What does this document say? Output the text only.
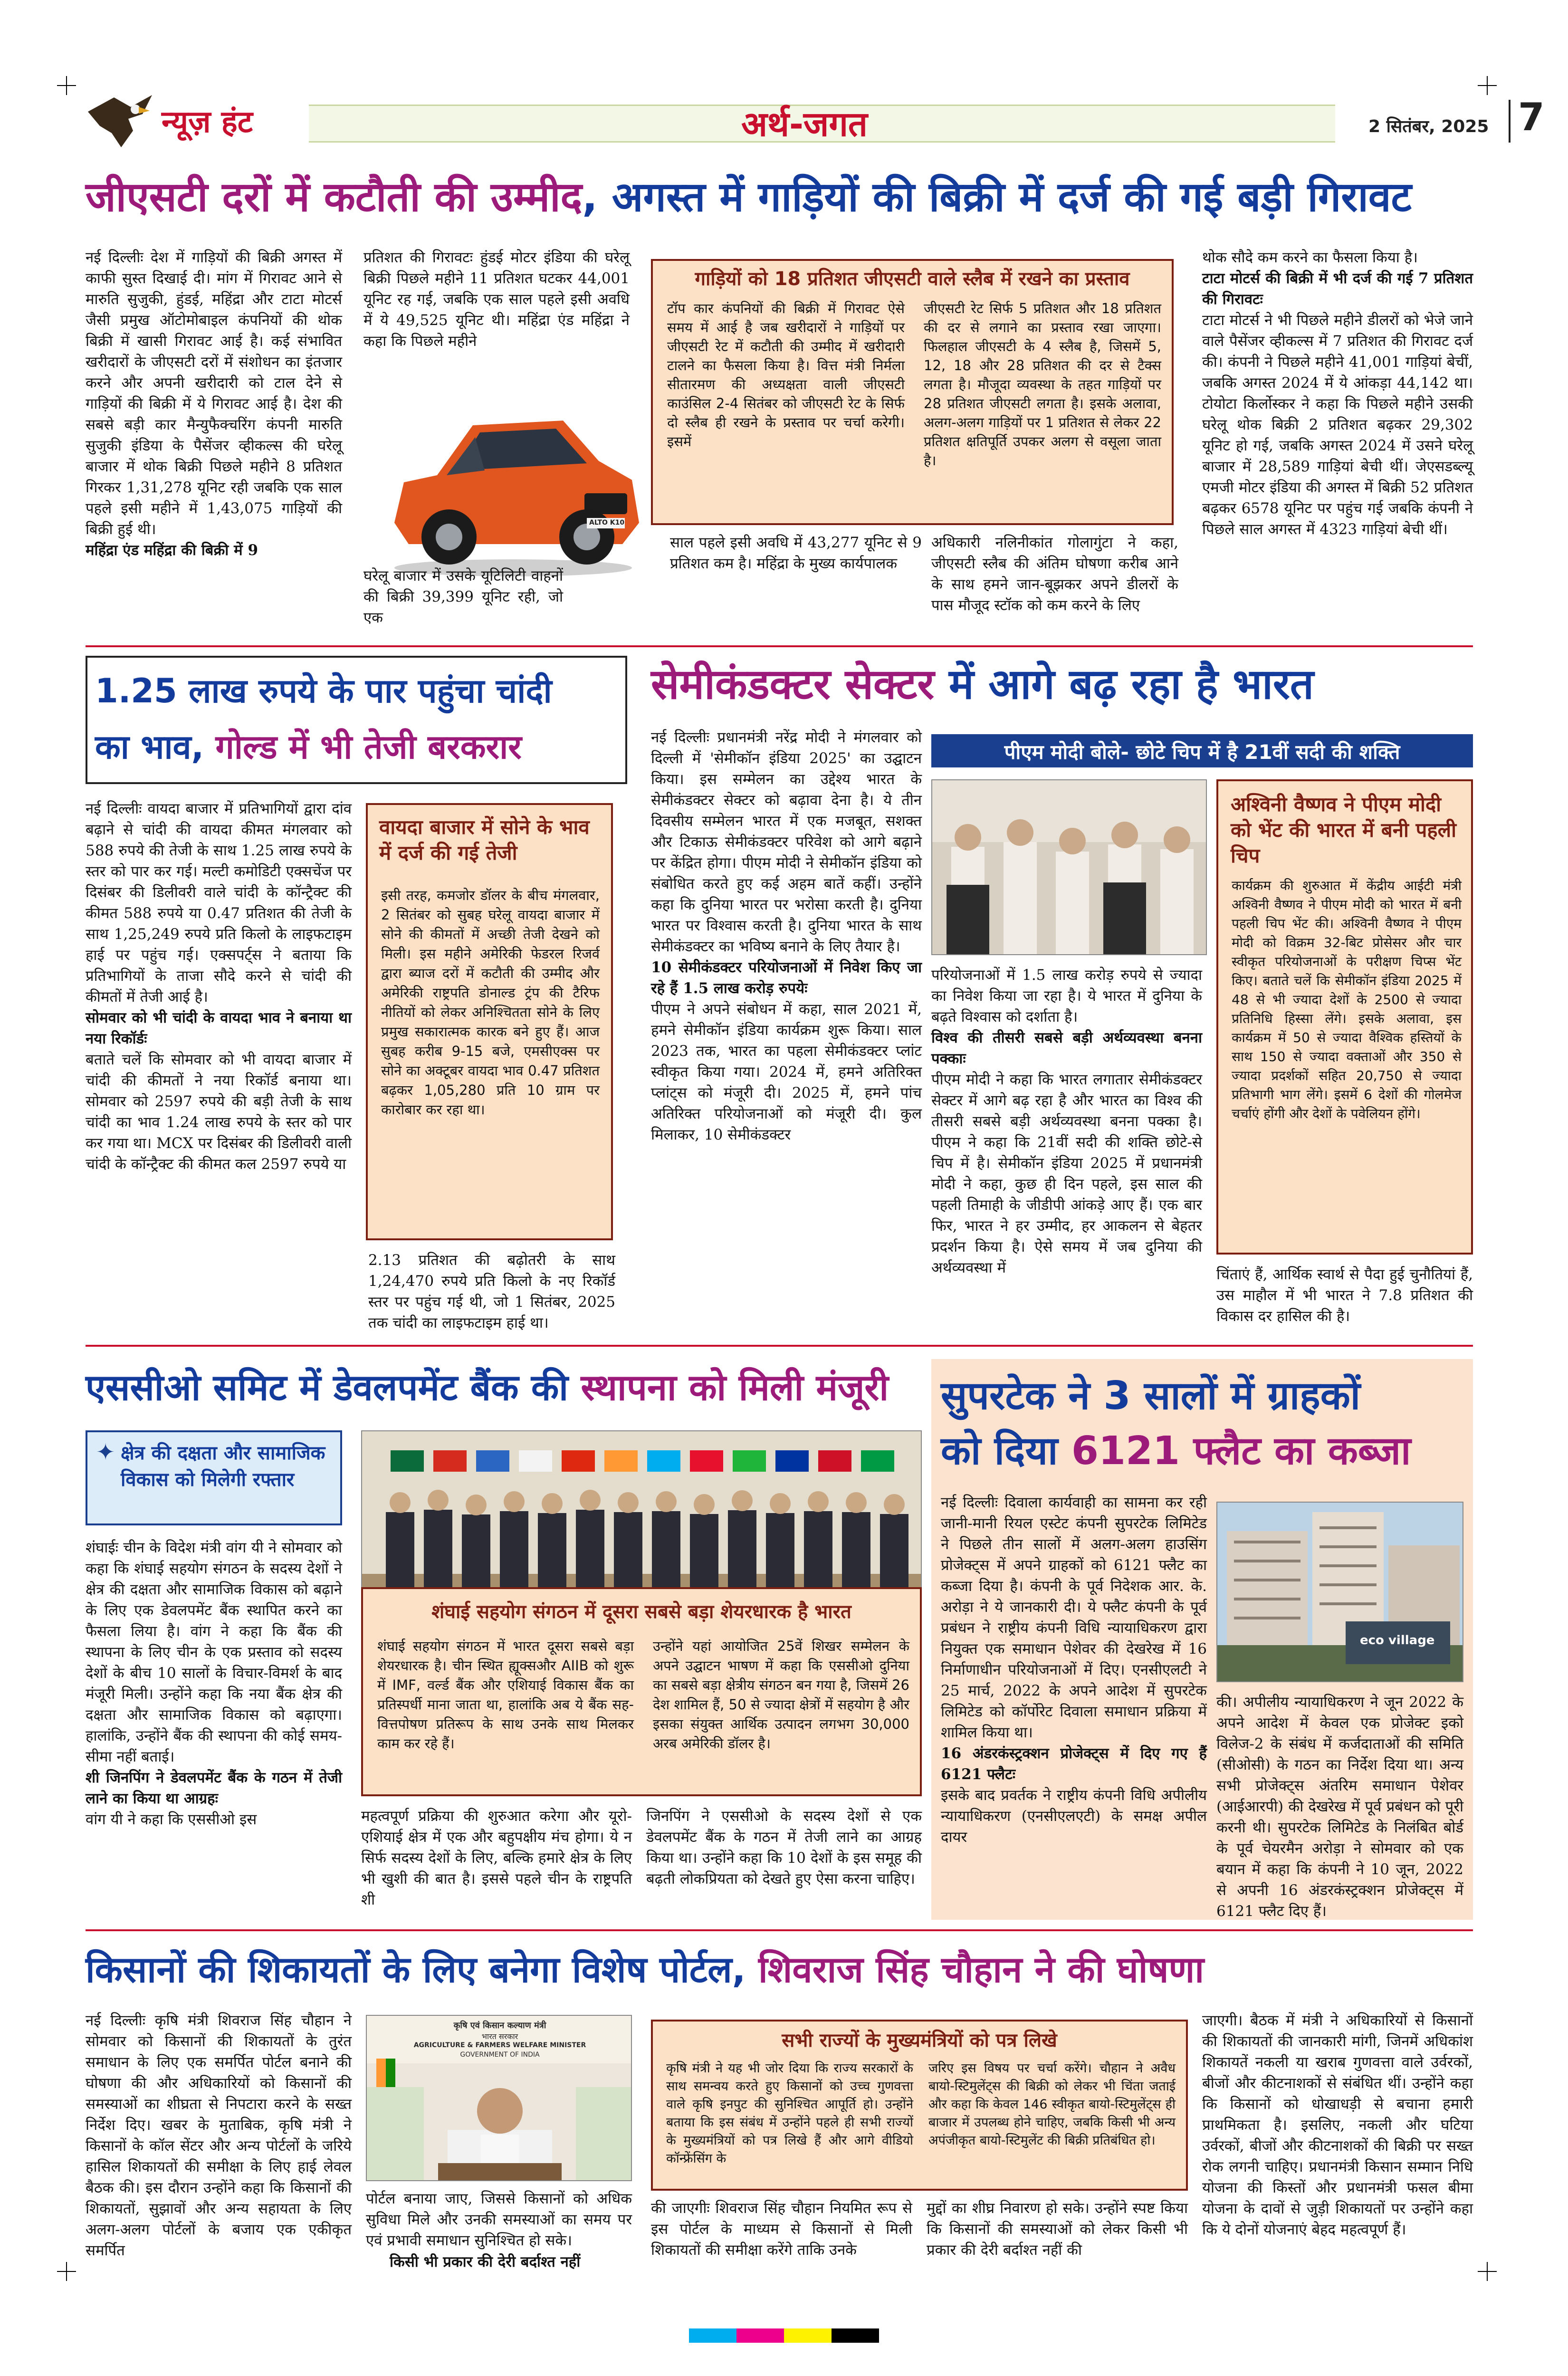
न्यूज़ हंट	अर्थ-जगत	2 सितंबर, 2025 7
जीएसटी दरों में कटौती की उम्मीद, अगस्त में गाड़ियों की बिक्री में दर्ज की गई बड़ी गिरावट

नई दिल्लीः देश में गाड़ियों की बिक्री अगस्त में काफी सुस्त दिखाई दी। मांग में गिरावट आने से मारुति सुजुकी, हुंडई, महिंद्रा और टाटा मोटर्स जैसी प्रमुख ऑटोमोबाइल कंपनियों की थोक बिक्री में खासी गिरावट आई है। कई संभावित खरीदारों के जीएसटी दरों में संशोधन का इंतजार करने और अपनी खरीदारी को टाल देने से गाड़ियों की बिक्री में ये गिरावट आई है। देश की सबसे बड़ी कार मैन्युफैक्चरिंग कंपनी मारुति सुजुकी इंडिया के पैसेंजर व्हीकल्स की घरेलू बाजार में थोक बिक्री पिछले महीने 8 प्रतिशत गिरकर 1,31,278 यूनिट रही जबकि एक साल पहले इसी महीने में 1,43,075 गाड़ियों की बिक्री हुई थी।

महिंद्रा एंड महिंद्रा की बिक्री में 9

प्रतिशत की गिरावटः हुंडई मोटर इंडिया की घरेलू बिक्री पिछले महीने 11 प्रतिशत घटकर 44,001 यूनिट रह गई, जबकि एक साल पहले इसी अवधि में ये 49,525 यूनिट थी। महिंद्रा एंड महिंद्रा ने कहा कि पिछले महीने

ALTO K10

घरेलू बाजार में उसके यूटिलिटी वाहनों की बिक्री 39,399 यूनिट रही, जो एक

गाड़ियों को 18 प्रतिशत जीएसटी वाले स्लैब में रखने का प्रस्ताव
टॉप कार कंपनियों की बिक्री में गिरावट ऐसे समय में आई है जब खरीदारों ने गाड़ियों पर जीएसटी रेट में कटौती की उम्मीद में खरीदारी टालने का फैसला किया है। वित्त मंत्री निर्मला सीतारमण की अध्यक्षता वाली जीएसटी काउंसिल 2-4 सितंबर को जीएसटी रेट के सिर्फ दो स्लैब ही रखने के प्रस्ताव पर चर्चा करेगी। इसमें
जीएसटी रेट सिर्फ 5 प्रतिशत और 18 प्रतिशत की दर से लगाने का प्रस्ताव रखा जाएगा। फिलहाल जीएसटी के 4 स्लैब है, जिसमें 5, 12, 18 और 28 प्रतिशत की दर से टैक्स लगता है। मौजूदा व्यवस्था के तहत गाड़ियों पर 28 प्रतिशत जीएसटी लगता है। इसके अलावा, अलग-अलग गाड़ियों पर 1 प्रतिशत से लेकर 22 प्रतिशत क्षतिपूर्ति उपकर अलग से वसूला जाता है।

साल पहले इसी अवधि में 43,277 यूनिट से 9 प्रतिशत कम है। महिंद्रा के मुख्य कार्यपालक

अधिकारी नलिनीकांत गोलागुंटा ने कहा, जीएसटी स्लैब की अंतिम घोषणा करीब आने के साथ हमने जान-बूझकर अपने डीलरों के पास मौजूद स्टॉक को कम करने के लिए

थोक सौदे कम करने का फैसला किया है।

टाटा मोटर्स की बिक्री में भी दर्ज की गई 7 प्रतिशत की गिरावटः

टाटा मोटर्स ने भी पिछले महीने डीलरों को भेजे जाने वाले पैसेंजर व्हीकल्स में 7 प्रतिशत की गिरावट दर्ज की। कंपनी ने पिछले महीने 41,001 गाड़ियां बेचीं, जबकि अगस्त 2024 में ये आंकड़ा 44,142 था। टोयोटा किर्लोस्कर ने कहा कि पिछले महीने उसकी घरेलू थोक बिक्री 2 प्रतिशत बढ़कर 29,302 यूनिट हो गई, जबकि अगस्त 2024 में उसने घरेलू बाजार में 28,589 गाड़ियां बेची थीं। जेएसडब्ल्यू एमजी मोटर इंडिया की अगस्त में बिक्री 52 प्रतिशत बढ़कर 6578 यूनिट पर पहुंच गई जबकि कंपनी ने पिछले साल अगस्त में 4323 गाड़ियां बेची थीं।

1.25 लाख रुपये के पार पहुंचा चांदी
का भाव, गोल्ड में भी तेजी बरकरार

नई दिल्लीः वायदा बाजार में प्रतिभागियों द्वारा दांव बढ़ाने से चांदी की वायदा कीमत मंगलवार को 588 रुपये की तेजी के साथ 1.25 लाख रुपये के स्तर को पार कर गई। मल्टी कमोडिटी एक्सचेंज पर दिसंबर की डिलीवरी वाले चांदी के कॉन्ट्रैक्ट की कीमत 588 रुपये या 0.47 प्रतिशत की तेजी के साथ 1,25,249 रुपये प्रति किलो के लाइफटाइम हाई पर पहुंच गई। एक्सपर्ट्स ने बताया कि प्रतिभागियों के ताजा सौदे करने से चांदी की कीमतों में तेजी आई है।

सोमवार को भी चांदी के वायदा भाव ने बनाया था नया रिकॉर्डः

बताते चलें कि सोमवार को भी वायदा बाजार में चांदी की कीमतों ने नया रिकॉर्ड बनाया था। सोमवार को 2597 रुपये की बड़ी तेजी के साथ चांदी का भाव 1.24 लाख रुपये के स्तर को पार कर गया था। MCX पर दिसंबर की डिलीवरी वाली चांदी के कॉन्ट्रैक्ट की कीमत कल 2597 रुपये या

वायदा बाजार में सोने के भाव में दर्ज की गई तेजी
इसी तरह, कमजोर डॉलर के बीच मंगलवार, 2 सितंबर को सुबह घरेलू वायदा बाजार में सोने की कीमतों में अच्छी तेजी देखने को मिली। इस महीने अमेरिकी फेडरल रिजर्व द्वारा ब्याज दरों में कटौती की उम्मीद और अमेरिकी राष्ट्रपति डोनाल्ड ट्रंप की टैरिफ नीतियों को लेकर अनिश्चितता सोने के लिए प्रमुख सकारात्मक कारक बने हुए हैं। आज सुबह करीब 9-15 बजे, एमसीएक्स पर सोने का अक्टूबर वायदा भाव 0.47 प्रतिशत बढ़कर 1,05,280 प्रति 10 ग्राम पर कारोबार कर रहा था।

2.13 प्रतिशत की बढ़ोतरी के साथ 1,24,470 रुपये प्रति किलो के नए रिकॉर्ड स्तर पर पहुंच गई थी, जो 1 सितंबर, 2025 तक चांदी का लाइफटाइम हाई था।

सेमीकंडक्टर सेक्टर में आगे बढ़ रहा है भारत

नई दिल्लीः प्रधानमंत्री नरेंद्र मोदी ने मंगलवार को दिल्ली में 'सेमीकॉन इंडिया 2025' का उद्घाटन किया। इस सम्मेलन का उद्देश्य भारत के सेमीकंडक्टर सेक्टर को बढ़ावा देना है। ये तीन दिवसीय सम्मेलन भारत में एक मजबूत, सशक्त और टिकाऊ सेमीकंडक्टर परिवेश को आगे बढ़ाने पर केंद्रित होगा। पीएम मोदी ने सेमीकॉन इंडिया को संबोधित करते हुए कई अहम बातें कहीं। उन्होंने कहा कि दुनिया भारत पर भरोसा करती है। दुनिया भारत पर विश्वास करती है। दुनिया भारत के साथ सेमीकंडक्टर का भविष्य बनाने के लिए तैयार है।

10 सेमीकंडक्टर परियोजनाओं में निवेश किए जा रहे हैं 1.5 लाख करोड़ रुपयेः

पीएम ने अपने संबोधन में कहा, साल 2021 में, हमने सेमीकॉन इंडिया कार्यक्रम शुरू किया। साल 2023 तक, भारत का पहला सेमीकंडक्टर प्लांट स्वीकृत किया गया। 2024 में, हमने अतिरिक्त प्लांट्स को मंजूरी दी। 2025 में, हमने पांच अतिरिक्त परियोजनाओं को मंजूरी दी। कुल मिलाकर, 10 सेमीकंडक्टर

पीएम मोदी बोले- छोटे चिप में है 21वीं सदी की शक्ति

परियोजनाओं में 1.5 लाख करोड़ रुपये से ज्यादा का निवेश किया जा रहा है। ये भारत में दुनिया के बढ़ते विश्वास को दर्शाता है।

विश्व की तीसरी सबसे बड़ी अर्थव्यवस्था बनना पक्काः

पीएम मोदी ने कहा कि भारत लगातार सेमीकंडक्टर सेक्टर में आगे बढ़ रहा है और भारत का विश्व की तीसरी सबसे बड़ी अर्थव्यवस्था बनना पक्का है। पीएम ने कहा कि 21वीं सदी की शक्ति छोटे-से चिप में है। सेमीकॉन इंडिया 2025 में प्रधानमंत्री मोदी ने कहा, कुछ ही दिन पहले, इस साल की पहली तिमाही के जीडीपी आंकड़े आए हैं। एक बार फिर, भारत ने हर उम्मीद, हर आकलन से बेहतर प्रदर्शन किया है। ऐसे समय में जब दुनिया की अर्थव्यवस्था में

अश्विनी वैष्णव ने पीएम मोदी को भेंट की भारत में बनी पहली चिप
कार्यक्रम की शुरुआत में केंद्रीय आईटी मंत्री अश्विनी वैष्णव ने पीएम मोदी को भारत में बनी पहली चिप भेंट की। अश्विनी वैष्णव ने पीएम मोदी को विक्रम 32-बिट प्रोसेसर और चार स्वीकृत परियोजनाओं के परीक्षण चिप्स भेंट किए। बताते चलें कि सेमीकॉन इंडिया 2025 में 48 से भी ज्यादा देशों के 2500 से ज्यादा प्रतिनिधि हिस्सा लेंगे। इसके अलावा, इस कार्यक्रम में 50 से ज्यादा वैश्विक हस्तियों के साथ 150 से ज्यादा वक्ताओं और 350 से ज्यादा प्रदर्शकों सहित 20,750 से ज्यादा प्रतिभागी भाग लेंगे। इसमें 6 देशों की गोलमेज चर्चाएं होंगी और देशों के पवेलियन होंगे।

चिंताएं हैं, आर्थिक स्वार्थ से पैदा हुई चुनौतियां हैं, उस माहौल में भी भारत ने 7.8 प्रतिशत की विकास दर हासिल की है।

एससीओ समिट में डेवलपमेंट बैंक की स्थापना को मिली मंजूरी
✦ क्षेत्र की दक्षता और सामाजिक विकास को मिलेगी रफ्तार

शंघाईः चीन के विदेश मंत्री वांग यी ने सोमवार को कहा कि शंघाई सहयोग संगठन के सदस्य देशों ने क्षेत्र की दक्षता और सामाजिक विकास को बढ़ाने के लिए एक डेवलपमेंट बैंक स्थापित करने का फैसला लिया है। वांग ने कहा कि बैंक की स्थापना के लिए चीन के एक प्रस्ताव को सदस्य देशों के बीच 10 सालों के विचार-विमर्श के बाद मंजूरी मिली। उन्होंने कहा कि नया बैंक क्षेत्र की दक्षता और सामाजिक विकास को बढ़ाएगा। हालांकि, उन्होंने बैंक की स्थापना की कोई समय-सीमा नहीं बताई।

शी जिनपिंग ने डेवलपमेंट बैंक के गठन में तेजी लाने का किया था आग्रहः

वांग यी ने कहा कि एससीओ इस

शंघाई सहयोग संगठन में दूसरा सबसे बड़ा शेयरधारक है भारत
शंघाई सहयोग संगठन में भारत दूसरा सबसे बड़ा शेयरधारक है। चीन स्थित ह्यूक्सऔर AIIB को शुरू में IMF, वर्ल्ड बैंक और एशियाई विकास बैंक का प्रतिस्पर्धी माना जाता था, हालांकि अब ये बैंक सह-वित्तपोषण प्रतिरूप के साथ उनके साथ मिलकर काम कर रहे हैं।
उन्होंने यहां आयोजित 25वें शिखर सम्मेलन के अपने उद्घाटन भाषण में कहा कि एससीओ दुनिया का सबसे बड़ा क्षेत्रीय संगठन बन गया है, जिसमें 26 देश शामिल हैं, 50 से ज्यादा क्षेत्रों में सहयोग है और इसका संयुक्त आर्थिक उत्पादन लगभग 30,000 अरब अमेरिकी डॉलर है।

महत्वपूर्ण प्रक्रिया की शुरुआत करेगा और यूरो-एशियाई क्षेत्र में एक और बहुपक्षीय मंच होगा। ये न सिर्फ सदस्य देशों के लिए, बल्कि हमारे क्षेत्र के लिए भी खुशी की बात है। इससे पहले चीन के राष्ट्रपति शी

जिनपिंग ने एससीओ के सदस्य देशों से एक डेवलपमेंट बैंक के गठन में तेजी लाने का आग्रह किया था। उन्होंने कहा कि 10 देशों के इस समूह की बढ़ती लोकप्रियता को देखते हुए ऐसा करना चाहिए।

सुपरटेक ने 3 सालों में ग्राहकों
को दिया 6121 फ्लैट का कब्जा

नई दिल्लीः दिवाला कार्यवाही का सामना कर रही जानी-मानी रियल एस्टेट कंपनी सुपरटेक लिमिटेड ने पिछले तीन सालों में अलग-अलग हाउसिंग प्रोजेक्ट्स में अपने ग्राहकों को 6121 फ्लैट का कब्जा दिया है। कंपनी के पूर्व निदेशक आर. के. अरोड़ा ने ये जानकारी दी। ये फ्लैट कंपनी के पूर्व प्रबंधन ने राष्ट्रीय कंपनी विधि न्यायाधिकरण द्वारा नियुक्त एक समाधान पेशेवर की देखरेख में 16 निर्माणाधीन परियोजनाओं में दिए। एनसीएलटी ने 25 मार्च, 2022 के अपने आदेश में सुपरटेक लिमिटेड को कॉर्पोरेट दिवाला समाधान प्रक्रिया में शामिल किया था।

16 अंडरकंस्ट्रक्शन प्रोजेक्ट्स में दिए गए हैं 6121 फ्लैटः

इसके बाद प्रवर्तक ने राष्ट्रीय कंपनी विधि अपीलीय न्यायाधिकरण (एनसीएलएटी) के समक्ष अपील दायर

eco village

की। अपीलीय न्यायाधिकरण ने जून 2022 के अपने आदेश में केवल एक प्रोजेक्ट इको विलेज-2 के संबंध में कर्जदाताओं की समिति (सीओसी) के गठन का निर्देश दिया था। अन्य सभी प्रोजेक्ट्स अंतरिम समाधान पेशेवर (आईआरपी) की देखरेख में पूर्व प्रबंधन को पूरी करनी थी। सुपरटेक लिमिटेड के निलंबित बोर्ड के पूर्व चेयरमैन अरोड़ा ने सोमवार को एक बयान में कहा कि कंपनी ने 10 जून, 2022 से अपनी 16 अंडरकंस्ट्रक्शन प्रोजेक्ट्स में 6121 फ्लैट दिए हैं।

किसानों की शिकायतों के लिए बनेगा विशेष पोर्टल, शिवराज सिंह चौहान ने की घोषणा

नई दिल्लीः कृषि मंत्री शिवराज सिंह चौहान ने सोमवार को किसानों की शिकायतों के तुरंत समाधान के लिए एक समर्पित पोर्टल बनाने की घोषणा की और अधिकारियों को किसानों की समस्याओं का शीघ्रता से निपटारा करने के सख्त निर्देश दिए। खबर के मुताबिक, कृषि मंत्री ने किसानों के कॉल सेंटर और अन्य पोर्टलों के जरिये हासिल शिकायतों की समीक्षा के लिए हाई लेवल बैठक की। इस दौरान उन्होंने कहा कि किसानों की शिकायतों, सुझावों और अन्य सहायता के लिए अलग-अलग पोर्टलों के बजाय एक एकीकृत समर्पित

कृषि एवं किसान कल्याण मंत्री
भारत सरकार
AGRICULTURE & FARMERS WELFARE MINISTER
GOVERNMENT OF INDIA

पोर्टल बनाया जाए, जिससे किसानों को अधिक सुविधा मिले और उनकी समस्याओं का समय पर एवं प्रभावी समाधान सुनिश्चित हो सके।

किसी भी प्रकार की देरी बर्दाश्त नहीं
सभी राज्यों के मुख्यमंत्रियों को पत्र लिखे
कृषि मंत्री ने यह भी जोर दिया कि राज्य सरकारों के साथ समन्वय करते हुए किसानों को उच्च गुणवत्ता वाले कृषि इनपुट की सुनिश्चित आपूर्ति हो। उन्होंने बताया कि इस संबंध में उन्होंने पहले ही सभी राज्यों के मुख्यमंत्रियों को पत्र लिखे हैं और आगे वीडियो कॉन्फ्रेंसिंग के
जरिए इस विषय पर चर्चा करेंगे। चौहान ने अवैध बायो-स्टिमुलेंट्स की बिक्री को लेकर भी चिंता जताई और कहा कि केवल 146 स्वीकृत बायो-स्टिमुलेंट्स ही बाजार में उपलब्ध होने चाहिए, जबकि किसी भी अन्य अपंजीकृत बायो-स्टिमुलेंट की बिक्री प्रतिबंधित हो।

की जाएगीः शिवराज सिंह चौहान नियमित रूप से इस पोर्टल के माध्यम से किसानों से मिली शिकायतों की समीक्षा करेंगे ताकि उनके

मुद्दों का शीघ्र निवारण हो सके। उन्होंने स्पष्ट किया कि किसानों की समस्याओं को लेकर किसी भी प्रकार की देरी बर्दाश्त नहीं की

जाएगी। बैठक में मंत्री ने अधिकारियों से किसानों की शिकायतों की जानकारी मांगी, जिनमें अधिकांश शिकायतें नकली या खराब गुणवत्ता वाले उर्वरकों, बीजों और कीटनाशकों से संबंधित थीं। उन्होंने कहा कि किसानों को धोखाधड़ी से बचाना हमारी प्राथमिकता है। इसलिए, नकली और घटिया उर्वरकों, बीजों और कीटनाशकों की बिक्री पर सख्त रोक लगनी चाहिए। प्रधानमंत्री किसान सम्मान निधि योजना की किस्तों और प्रधानमंत्री फसल बीमा योजना के दावों से जुड़ी शिकायतों पर उन्होंने कहा कि ये दोनों योजनाएं बेहद महत्वपूर्ण हैं।
